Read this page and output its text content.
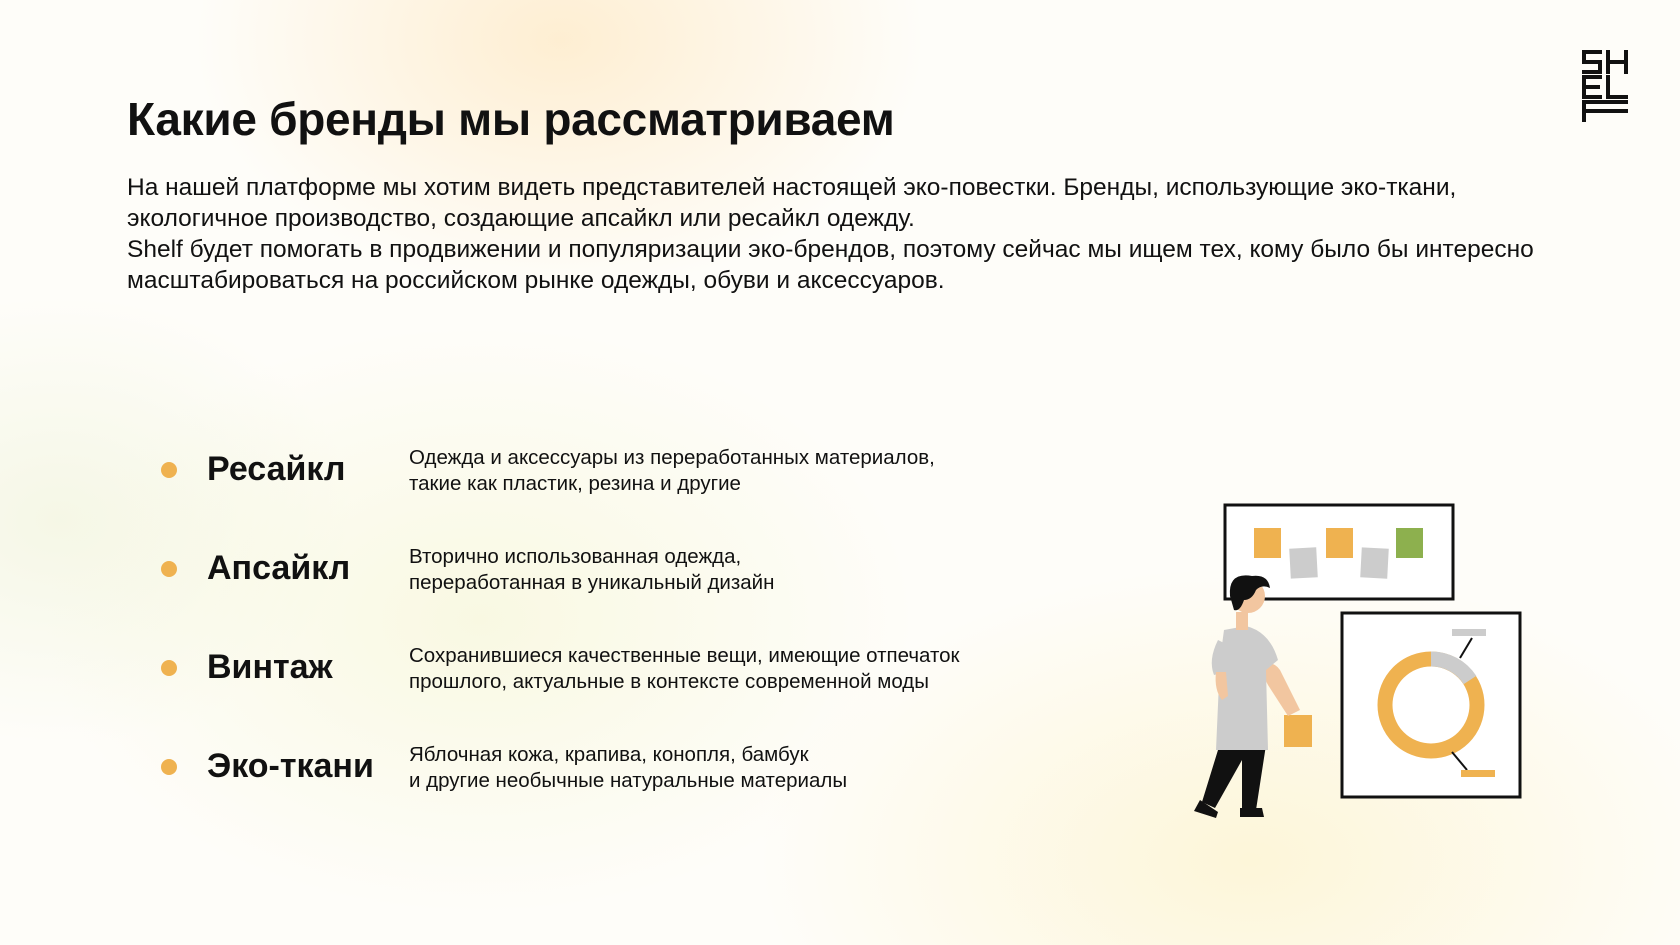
Какие бренды мы рассматриваем

На нашей платформе мы хотим видеть представителей настоящей эко-повестки. Бренды, использующие эко-ткани, экологичное производство, создающие апсайкл или ресайкл одежду.

Shelf будет помогать в продвижении и популяризации эко-брендов, поэтому сейчас мы ищем тех, кому было бы интересно масштабироваться на российском рынке одежды, обуви и аксессуаров.

Ресайкл	Одежда и аксессуары из переработанных материалов,
такие как пластик, резина и другие
Апсайкл	Вторично использованная одежда,
переработанная в уникальный дизайн
Винтаж	Сохранившиеся качественные вещи, имеющие отпечаток
прошлого, актуальные в контексте современной моды
Эко-ткани Яблочная кожа, крапива, конопля, бамбук
и другие необычные натуральные материалы
